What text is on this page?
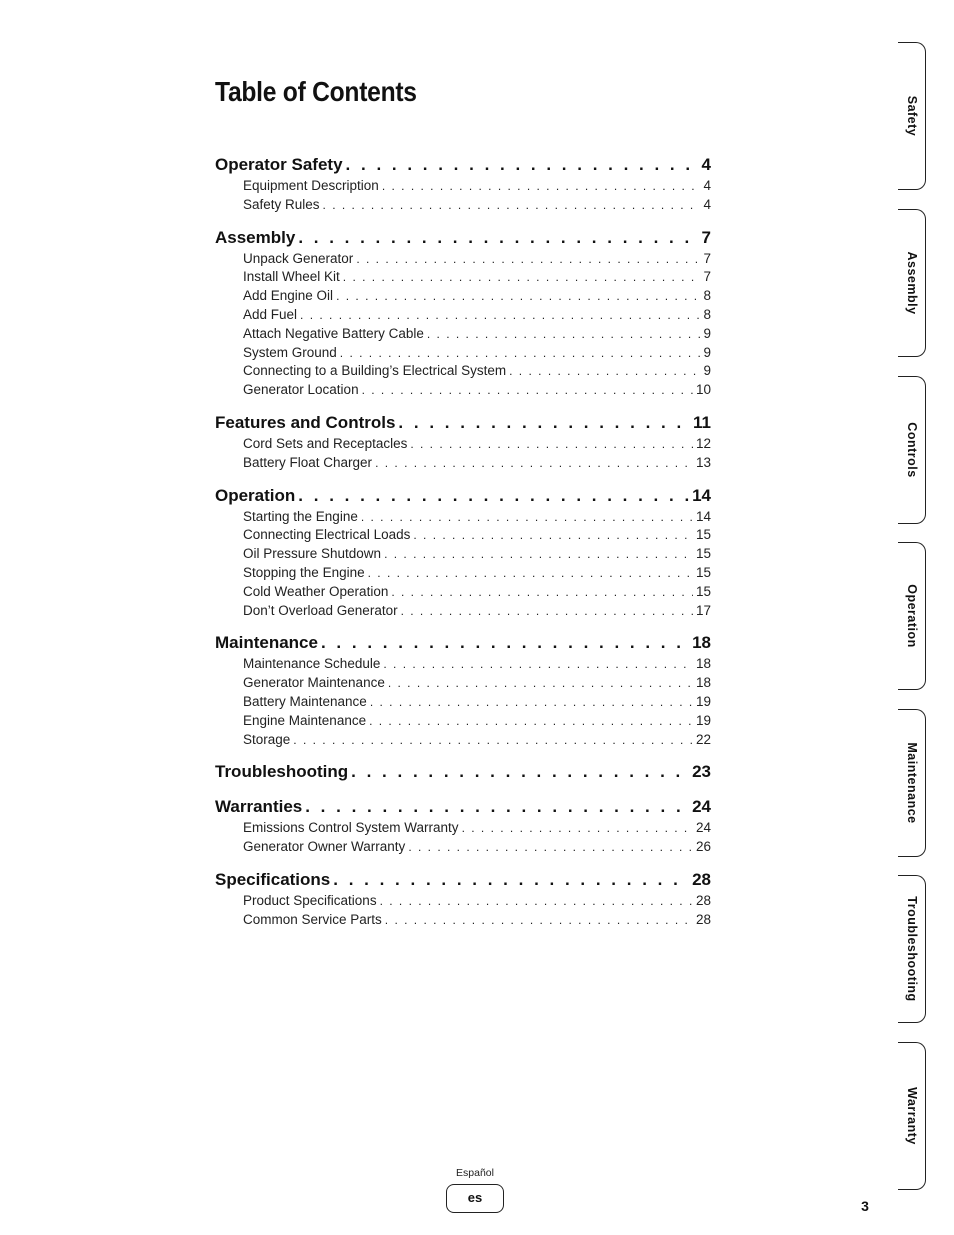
Table of Contents
Operator Safety . . .	4
Equipment Description . . .	4
Safety Rules . . .	4
Assembly . . .	7
Unpack Generator . . .	7
Install Wheel Kit . . .	7
Add Engine Oil . . .	8
Add Fuel . . .	8
Attach Negative Battery Cable . . .	9
System Ground . . .	9
Connecting to a Building’s Electrical System . . .	9
Generator Location . . .	10
Features and Controls . . .	11
Cord Sets and Receptacles . . .	12
Battery Float Charger . . .	13
Operation . . .	14
Starting the Engine . . .	14
Connecting Electrical Loads . . .	15
Oil Pressure Shutdown . . .	15
Stopping the Engine . . .	15
Cold Weather Operation . . .	15
Don’t Overload Generator . . .	17
Maintenance . . .	18
Maintenance Schedule . . .	18
Generator Maintenance . . .	18
Battery Maintenance . . .	19
Engine Maintenance . . .	19
Storage . . .	22
Troubleshooting . . .	23
Warranties . . .	24
Emissions Control System Warranty . . .	24
Generator Owner Warranty . . .	26
Specifications . . .	28
Product Specifications . . .	28
Common Service Parts . . .	28
Safety
Assembly
Controls
Operation
Maintenance
Troubleshooting
Warranty
Español
es
3
